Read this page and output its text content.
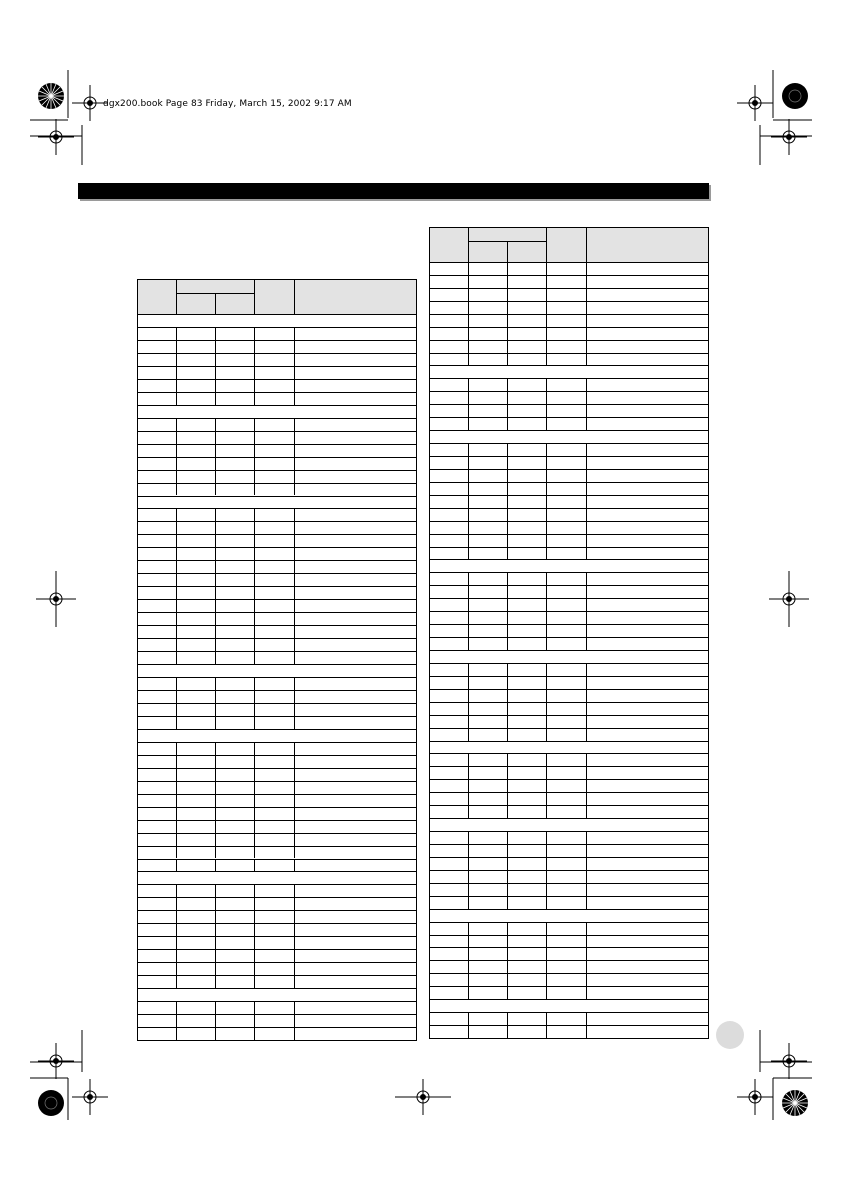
dgx200.book Page 83 Friday, March 15, 2002 9:17 AM
